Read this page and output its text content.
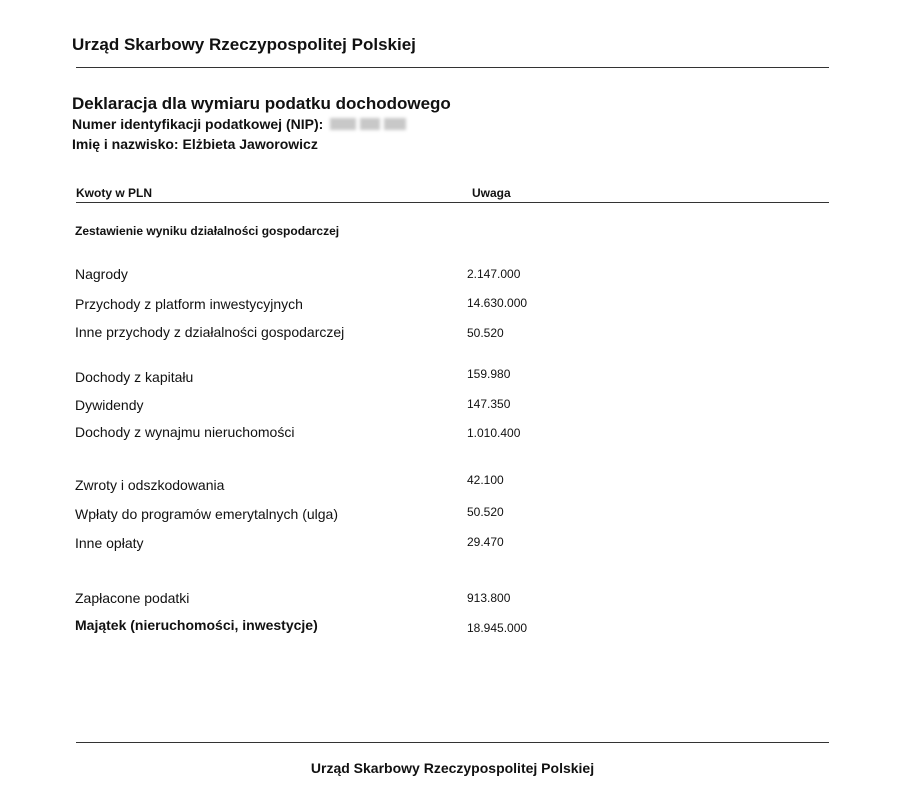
Urząd Skarbowy Rzeczypospolitej Polskiej
Deklaracja dla wymiaru podatku dochodowego
Numer identyfikacji podatkowej (NIP):
Imię i nazwisko: Elżbieta Jaworowicz
Kwoty w PLN	Uwaga
Zestawienie wyniku działalności gospodarczej
Nagrody	2.147.000
Przychody z platform inwestycyjnych	14.630.000
Inne przychody z działalności gospodarczej	50.520
Dochody z kapitału	159.980
Dywidendy	147.350
Dochody z wynajmu nieruchomości	1.010.400
Zwroty i odszkodowania	42.100
Wpłaty do programów emerytalnych (ulga)	50.520
Inne opłaty	29.470
Zapłacone podatki	913.800
Majątek (nieruchomości, inwestycje)	18.945.000
Urząd Skarbowy Rzeczypospolitej Polskiej
